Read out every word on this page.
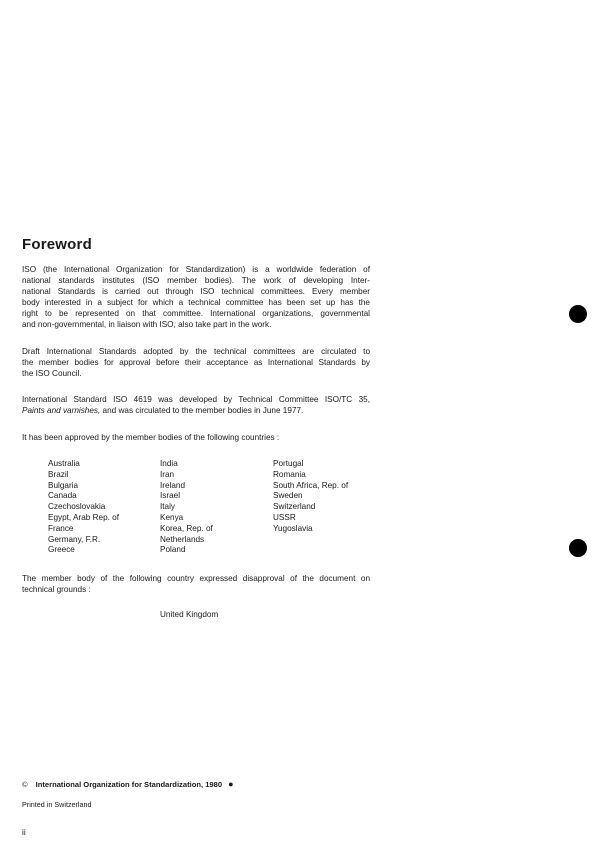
Foreword
ISO (the International Organization for Standardization) is a worldwide federation of
national standards institutes (ISO member bodies). The work of developing Inter-
national Standards is carried out through ISO technical committees. Every member
body interested in a subject for which a technical committee has been set up has the
right to be represented on that committee. International organizations, governmental
and non-governmental, in liaison with ISO, also take part in the work.
Draft International Standards adopted by the technical committees are circulated to
the member bodies for approval before their acceptance as International Standards by
the ISO Council.
International Standard ISO 4619 was developed by Technical Committee ISO/TC 35,
Paints and varnishes, and was circulated to the member bodies in June 1977.
It has been approved by the member bodies of the following countries :
Australia
Brazil
Bulgaria
Canada
Czechoslovakia
Egypt, Arab Rep. of
France
Germany, F.R.
Greece
India
Iran
Ireland
Israel
Italy
Kenya
Korea, Rep. of
Netherlands
Poland
Portugal
Romania
South Africa, Rep. of
Sweden
Switzerland
USSR
Yugoslavia
The member body of the following country expressed disapproval of the document on
technical grounds :
United Kingdom
© International Organization for Standardization, 1980 ●
Printed in Switzerland
ii
